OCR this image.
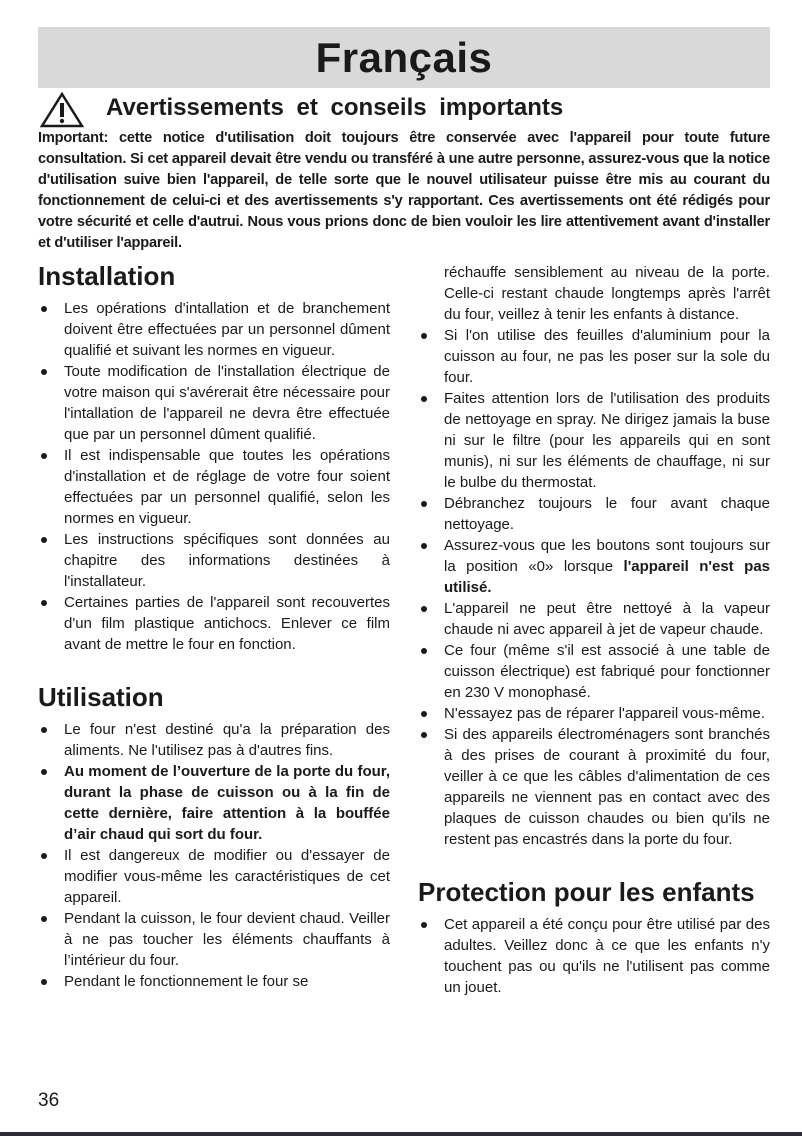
Français
Avertissements et conseils importants
Important: cette notice d'utilisation doit toujours être conservée avec l'appareil pour toute future consultation. Si cet appareil devait être vendu ou transféré à une autre personne, assurez-vous que la notice d'utilisation suive bien l'appareil, de telle sorte que le nouvel utilisateur puisse être mis au courant du fonctionnement de celui-ci et des avertissements s'y rapportant. Ces avertissements ont été rédigés pour votre sécurité et celle d'autrui. Nous vous prions donc de bien vouloir les lire attentivement avant d'installer et d'utiliser l'appareil.
Installation
Les opérations d'intallation et de branchement doivent être effectuées par un personnel dûment qualifié et suivant les normes en vigueur.
Toute modification de l'installation électrique de votre maison qui s'avérerait être nécessaire pour l'intallation de l'appareil ne devra être effectuée que par un personnel dûment qualifié.
Il est indispensable que toutes les opérations d'installation et de réglage de votre four soient effectuées par un personnel qualifié, selon les normes en vigueur.
Les instructions spécifiques sont données au chapitre des informations destinées à l'installateur.
Certaines parties de l'appareil sont recouvertes d'un film plastique antichocs. Enlever ce film avant de mettre le four en fonction.
Utilisation
Le four n'est destiné qu'a la préparation des aliments. Ne l'utilisez pas à d'autres fins.
Au moment de l’ouverture de la porte du four, durant la phase de cuisson ou à la fin de cette dernière, faire attention à la bouffée d’air chaud qui sort du four.
Il est dangereux de modifier ou d'essayer de modifier vous-même les caractéristiques de cet appareil.
Pendant la cuisson, le four devient chaud. Veiller à ne pas toucher les éléments chauffants à l’intérieur du four.
Pendant le fonctionnement le four se
réchauffe sensiblement au niveau de la porte. Celle-ci restant chaude longtemps après l'arrêt du four, veillez à tenir les enfants à distance.
Si l'on utilise des feuilles d'aluminium pour la cuisson au four, ne pas les poser sur la sole du four.
Faites attention lors de l'utilisation des produits de nettoyage en spray. Ne dirigez jamais la buse ni sur le filtre (pour les appareils qui en sont munis), ni sur les éléments de chauffage, ni sur le bulbe du thermostat.
Débranchez toujours le four avant chaque nettoyage.
Assurez-vous que les boutons sont toujours sur la position «0» lorsque l'appareil n'est pas utilisé.
L'appareil ne peut être nettoyé à la vapeur chaude ni avec appareil à jet de vapeur chaude.
Ce four (même s'il est associé à une table de cuisson électrique) est fabriqué pour fonctionner en 230 V monophasé.
N'essayez pas de réparer l'appareil vous-même.
Si des appareils électroménagers sont branchés à des prises de courant à proximité du four, veiller à ce que les câbles d'alimentation de ces appareils ne viennent pas en contact avec des plaques de cuisson chaudes ou bien qu'ils ne restent pas encastrés dans la porte du four.
Protection pour les enfants
Cet appareil a été conçu pour être utilisé par des adultes. Veillez donc à ce que les enfants n'y touchent pas ou qu'ils ne l'utilisent pas comme un jouet.
36
